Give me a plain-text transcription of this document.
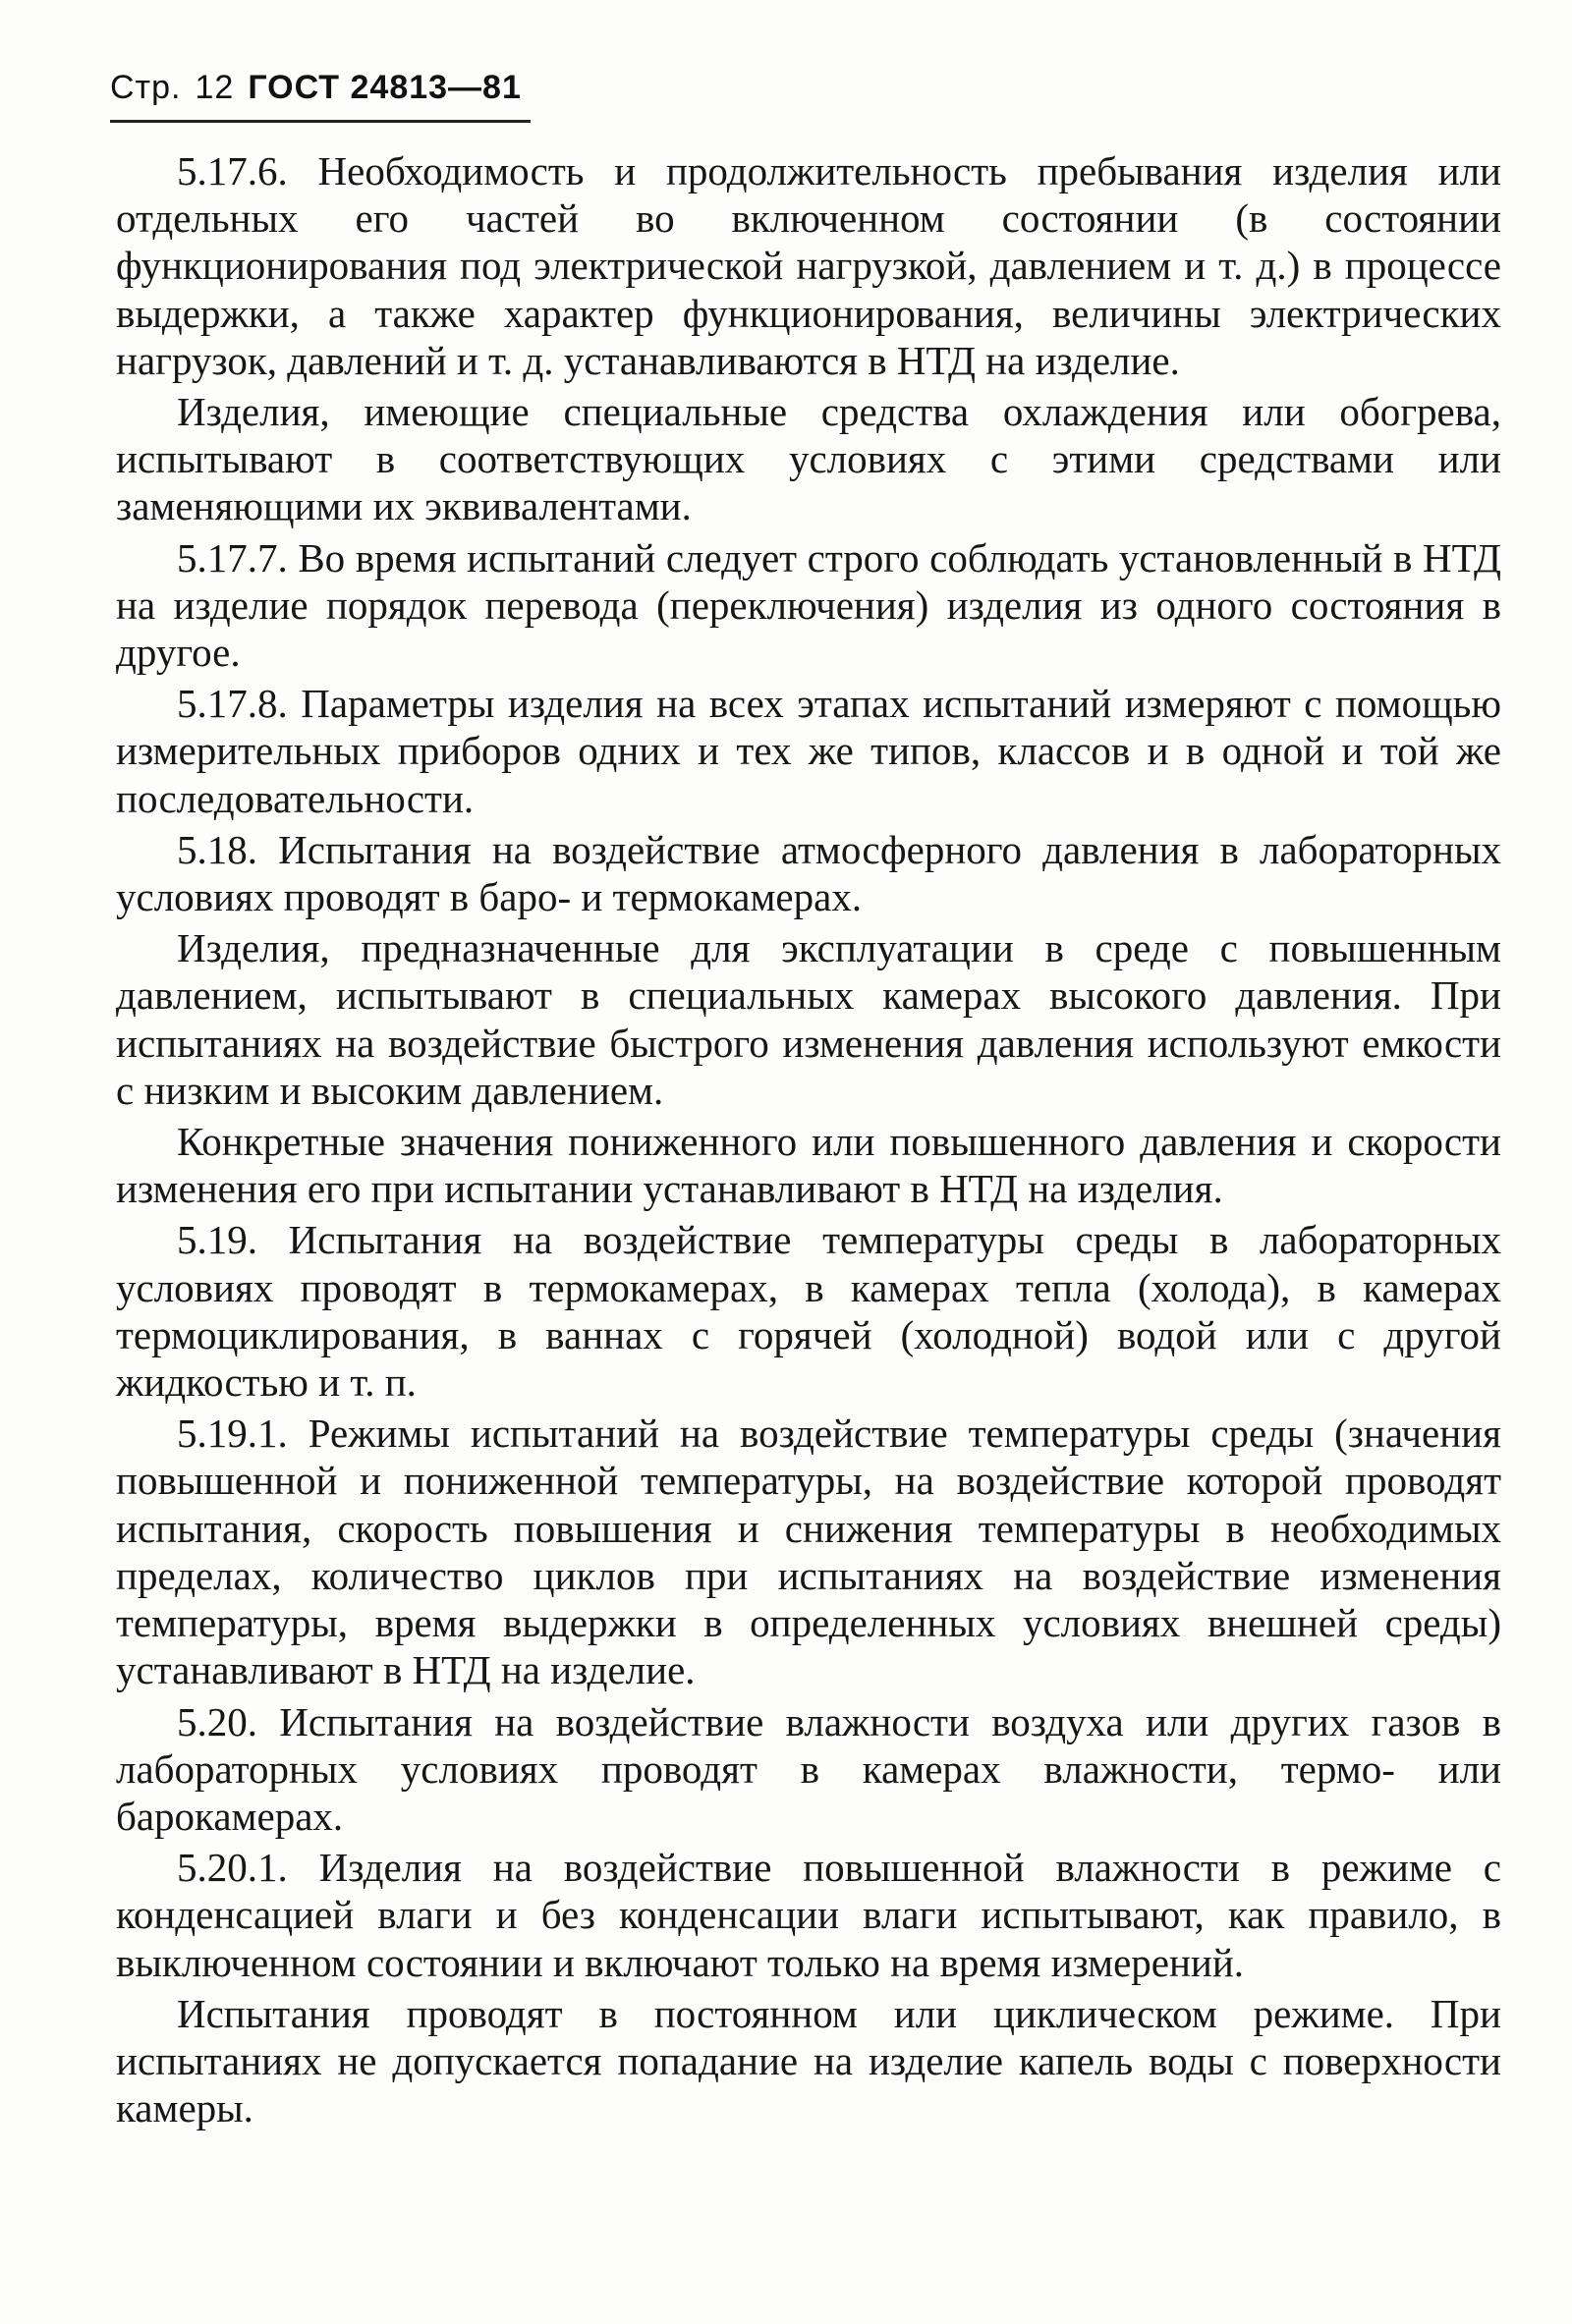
Стр. 12 ГОСТ 24813—81

5.17.6. Необходимость и продолжительность пребывания изделия или отдельных его частей во включенном состоянии (в состоянии функционирования под электрической нагрузкой, давлением и т. д.) в процессе выдержки, а также характер функционирования, величины электрических нагрузок, давлений и т. д. устанавливаются в НТД на изделие.

Изделия, имеющие специальные средства охлаждения или обогрева, испытывают в соответствующих условиях с этими средствами или заменяющими их эквивалентами.

5.17.7. Во время испытаний следует строго соблюдать установленный в НТД на изделие порядок перевода (переключения) изделия из одного состояния в другое.

5.17.8. Параметры изделия на всех этапах испытаний измеряют с помощью измерительных приборов одних и тех же типов, классов и в одной и той же последовательности.

5.18. Испытания на воздействие атмосферного давления в лабораторных условиях проводят в баро- и термокамерах.

Изделия, предназначенные для эксплуатации в среде с повышенным давлением, испытывают в специальных камерах высокого давления. При испытаниях на воздействие быстрого изменения давления используют емкости с низким и высоким давлением.

Конкретные значения пониженного или повышенного давления и скорости изменения его при испытании устанавливают в НТД на изделия.

5.19. Испытания на воздействие температуры среды в лабораторных условиях проводят в термокамерах, в камерах тепла (холода), в камерах термоциклирования, в ваннах с горячей (холодной) водой или с другой жидкостью и т. п.

5.19.1. Режимы испытаний на воздействие температуры среды (значения повышенной и пониженной температуры, на воздействие которой проводят испытания, скорость повышения и снижения температуры в необходимых пределах, количество циклов при испытаниях на воздействие изменения температуры, время выдержки в определенных условиях внешней среды) устанавливают в НТД на изделие.

5.20. Испытания на воздействие влажности воздуха или других газов в лабораторных условиях проводят в камерах влажности, термо- или барокамерах.

5.20.1. Изделия на воздействие повышенной влажности в режиме с конденсацией влаги и без конденсации влаги испытывают, как правило, в выключенном состоянии и включают только на время измерений.

Испытания проводят в постоянном или циклическом режиме. При испытаниях не допускается попадание на изделие капель воды с поверхности камеры.
